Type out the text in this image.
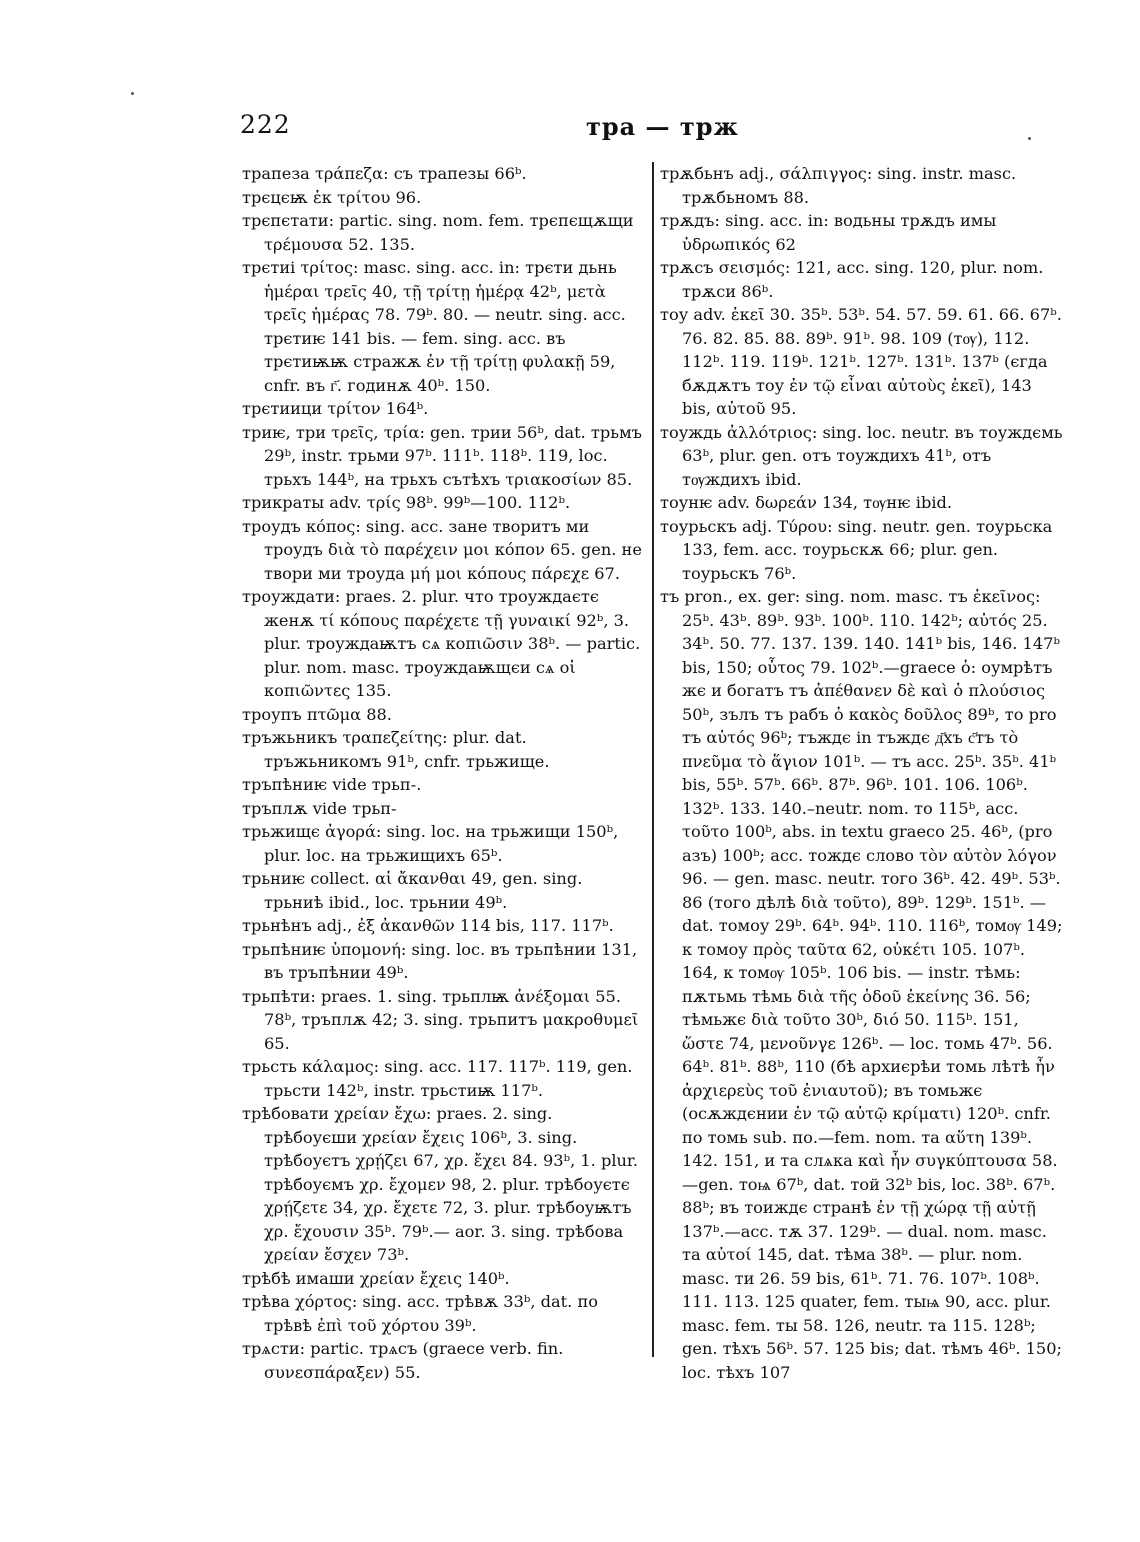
222	тра — трж

трапеза τράπεζα: съ трапезы 66ᵇ.

трєцєѭ ἐκ τρίτου 96.

трєпєтати: partic. sing. nom. fem. трєпєщѫщи τρέμουσα 52. 135.

трєтиі τρίτος: masc. sing. acc. in: трєти дьнь ἡμέραι τρεῖς 40, τῇ τρίτῃ ἡμέρᾳ 42ᵇ, μετὰ τρεῖς ἡμέρας 78. 79ᵇ. 80. — neutr. sing. acc. трєтиѥ 141 bis. — fem. sing. acc. въ трєтиѭѭ стражѫ ἐν τῇ τρίτῃ φυλακῇ 59, cnfr. въ г҃. годинѫ 40ᵇ. 150.

трєтиици τρίτον 164ᵇ.

триѥ, три τρεῖς, τρία: gen. трии 56ᵇ, dat. трьмъ 29ᵇ, instr. трьми 97ᵇ. 111ᵇ. 118ᵇ. 119, loc. трьхъ 144ᵇ, на трьхъ сътѣхъ τριακοσίων 85.

трикраты adv. τρίς 98ᵇ. 99ᵇ—100. 112ᵇ.

троудъ κόπος: sing. acc. зане творитъ ми троудъ διὰ τὸ παρέχειν μοι κόπον 65. gen. не твори ми троуда μή μοι κόπους πάρεχε 67.

троуждати: praes. 2. plur. что троуждаєтє женѫ τί κόπους παρέχετε τῇ γυναικί 92ᵇ, 3. plur. троуждаѭтъ сѧ κοπιῶσιν 38ᵇ. — partic. plur. nom. masc. троуждаѭщєи сѧ οἱ κοπιῶντες 135.

троупъ πτῶμα 88.

тръжьникъ τραπεζείτης: plur. dat. тръжьникомъ 91ᵇ, cnfr. трьжище.

тръпѣниѥ vide трьп-.

тръплѫ vide трьп-

трьжищє ἀγορά: sing. loc. на трьжищи 150ᵇ, plur. loc. на трьжищихъ 65ᵇ.

трьниѥ collect. αἱ ἄκανθαι 49, gen. sing. трьниѣ ibid., loc. трьнии 49ᵇ.

трьнѣнъ adj., ἐξ ἀκανθῶν 114 bis, 117. 117ᵇ.

трьпѣниѥ ὑπομονή: sing. loc. въ трьпѣнии 131, въ тръпѣнии 49ᵇ.

трьпѣти: praes. 1. sing. трьплѭ ἀνέξομαι 55. 78ᵇ, тръплѫ 42; 3. sing. трьпитъ μακροθυμεῖ 65.

трьсть κάλαμος: sing. acc. 117. 117ᵇ. 119, gen. трьсти 142ᵇ, instr. трьстиѭ 117ᵇ.

трѣбовати χρείαν ἔχω: praes. 2. sing. трѣбоуєши χρείαν ἔχεις 106ᵇ, 3. sing. трѣбоуєтъ χρῄζει 67, χρ. ἔχει 84. 93ᵇ, 1. plur. трѣбоуємъ χρ. ἔχομεν 98, 2. plur. трѣбоуєтє χρῄζετε 34, χρ. ἔχετε 72, 3. plur. трѣбоуѭтъ χρ. ἔχουσιν 35ᵇ. 79ᵇ.— aor. 3. sing. трѣбова χρείαν ἔσχεν 73ᵇ.

трѣбѣ имаши χρείαν ἔχεις 140ᵇ.

трѣва χόρτος: sing. acc. трѣвѫ 33ᵇ, dat. по трѣвѣ ἐπὶ τοῦ χόρτου 39ᵇ.

трѧсти: partic. трѧсъ (graece verb. fin. συνεσπάραξεν) 55.

трѫбьнъ adj., σάλπιγγος: sing. instr. masc. трѫбьномъ 88.

трѫдъ: sing. acc. in: водьны трѫдъ имы ὑδρωπικός 62

трѫсъ σεισμός: 121, acc. sing. 120, plur. nom. трѫси 86ᵇ.

тоу adv. ἐκεῖ 30. 35ᵇ. 53ᵇ. 54. 57. 59. 61. 66. 67ᵇ. 76. 82. 85. 88. 89ᵇ. 91ᵇ. 98. 109 (тѹ), 112. 112ᵇ. 119. 119ᵇ. 121ᵇ. 127ᵇ. 131ᵇ. 137ᵇ (єгда бѫдѫтъ тоу ἐν τῷ εἶναι αὐτοὺς ἐκεῖ), 143 bis, αὐτοῦ 95.

тоуждь ἀλλότριος: sing. loc. neutr. въ тоуждємь 63ᵇ, plur. gen. отъ тоуждихъ 41ᵇ, отъ тѹждихъ ibid.

тоунѥ adv. δωρεάν 134, тѹнѥ ibid.

тоурьскъ adj. Τύρου: sing. neutr. gen. тоурьска 133, fem. acc. тоурьскѫ 66; plur. gen. тоурьскъ 76ᵇ.

тъ pron., ex. ger: sing. nom. masc. тъ ἐκεῖνος: 25ᵇ. 43ᵇ. 89ᵇ. 93ᵇ. 100ᵇ. 110. 142ᵇ; αὐτός 25. 34ᵇ. 50. 77. 137. 139. 140. 141ᵇ bis, 146. 147ᵇ bis, 150; οὗτος 79. 102ᵇ.—graece ὁ: оумрѣтъ жє и богатъ тъ ἀπέθανεν δὲ καὶ ὁ πλούσιος 50ᵇ, зълъ тъ рабъ ὁ κακὸς δοῦλος 89ᵇ, то pro тъ αὐτός 96ᵇ; тъждє in тъждє д҃хъ с҃тъ τὸ πνεῦμα τὸ ἅγιον 101ᵇ. — тъ acc. 25ᵇ. 35ᵇ. 41ᵇ bis, 55ᵇ. 57ᵇ. 66ᵇ. 87ᵇ. 96ᵇ. 101. 106. 106ᵇ. 132ᵇ. 133. 140.–neutr. nom. то 115ᵇ, acc. τοῦτο 100ᵇ, abs. in textu graeco 25. 46ᵇ, (pro азъ) 100ᵇ; acc. тождє слово τὸν αὐτὸν λόγον 96. — gen. masc. neutr. того 36ᵇ. 42. 49ᵇ. 53ᵇ. 86 (того дѣлѣ διὰ τοῦτο), 89ᵇ. 129ᵇ. 151ᵇ. — dat. томоу 29ᵇ. 64ᵇ. 94ᵇ. 110. 116ᵇ, томѹ 149; к томоу πρὸς ταῦτα 62, οὐκέτι 105. 107ᵇ. 164, к томѹ 105ᵇ. 106 bis. — instr. тѣмь: пѫтьмь тѣмь διὰ τῆς ὁδοῦ ἐκείνης 36. 56; тѣмьжє διὰ τοῦτο 30ᵇ, διό 50. 115ᵇ. 151, ὥστε 74, μενοῦνγε 126ᵇ. — loc. томь 47ᵇ. 56. 64ᵇ. 81ᵇ. 88ᵇ, 110 (бѣ архиєрѣи томь лѣтѣ ἦν ἀρχιερεὺς τοῦ ἐνιαυτοῦ); въ томьжє (осѫждєнии ἐν τῷ αὐτῷ κρίματι) 120ᵇ. cnfr. по томь sub. по.—fem. nom. та αὕτη 139ᵇ. 142. 151, и та слѧка καὶ ἦν συγκύπτουσα 58.—gen. тоѩ 67ᵇ, dat. той 32ᵇ bis, loc. 38ᵇ. 67ᵇ. 88ᵇ; въ тоиждє странѣ ἐν τῇ χώρᾳ τῇ αὐτῇ 137ᵇ.—acc. тѫ 37. 129ᵇ. — dual. nom. masc. та αὐτοί 145, dat. тѣма 38ᵇ. — plur. nom. masc. ти 26. 59 bis, 61ᵇ. 71. 76. 107ᵇ. 108ᵇ. 111. 113. 125 quater, fem. тыѩ 90, acc. plur. masc. fem. ты 58. 126, neutr. та 115. 128ᵇ; gen. тѣхъ 56ᵇ. 57. 125 bis; dat. тѣмъ 46ᵇ. 150; loc. тѣхъ 107
